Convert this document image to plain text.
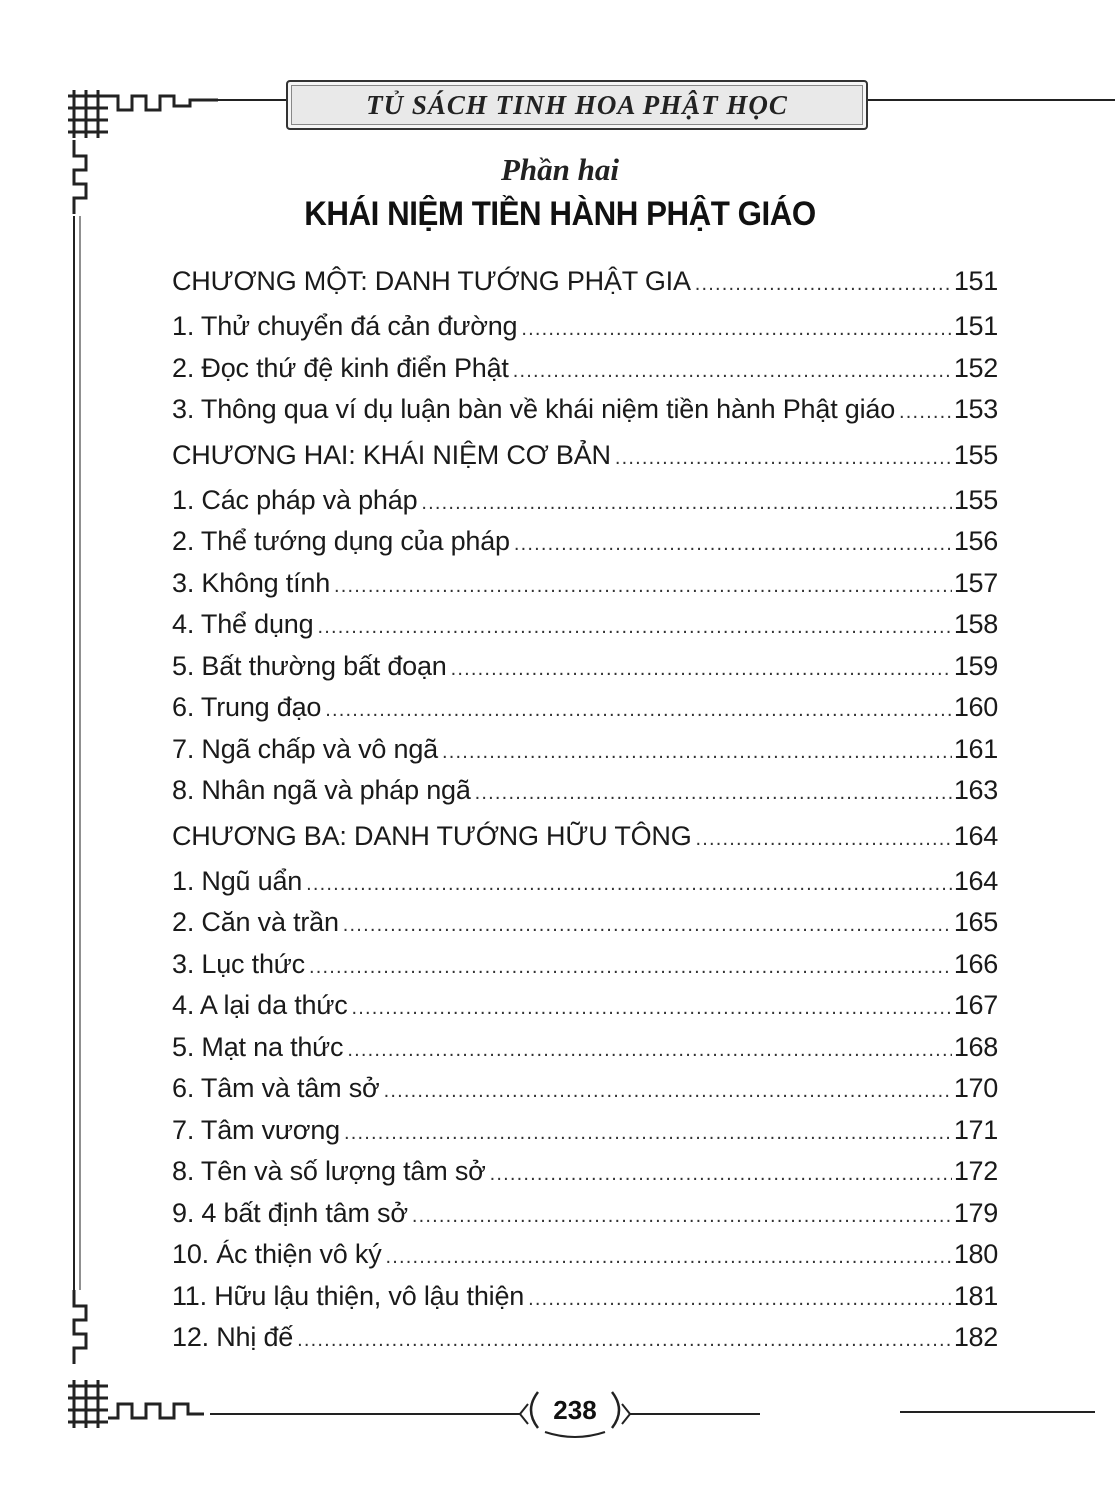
TỦ SÁCH TINH HOA PHẬT HỌC
Phần hai
KHÁI NIỆM TIỀN HÀNH PHẬT GIÁO
CHƯƠNG MỘT: DANH TƯỚNG PHẬT GIA .....	151
1. Thử chuyển đá cản đường .....	151
2. Đọc thứ đệ kinh điển Phật .....	152
3. Thông qua ví dụ luận bàn về khái niệm tiền hành Phật giáo ..... 153
CHƯƠNG HAI: KHÁI NIỆM CƠ BẢN .....	155
1. Các pháp và pháp .....	155
2. Thể tướng dụng của pháp .....	156
3. Không tính .....	157
4. Thể dụng .....	158
5. Bất thường bất đoạn .....	159
6. Trung đạo .....	160
7. Ngã chấp và vô ngã .....	161
8. Nhân ngã và pháp ngã .....	163
CHƯƠNG BA: DANH TƯỚNG HỮU TÔNG .....	164
1. Ngũ uẩn .....	164
2. Căn và trần .....	165
3. Lục thức .....	166
4. A lại da thức .....	167
5. Mạt na thức .....	168
6. Tâm và tâm sở .....	170
7. Tâm vương .....	171
8. Tên và số lượng tâm sở .....	172
9. 4 bất định tâm sở .....	179
10. Ác thiện vô ký .....	180
11. Hữu lậu thiện, vô lậu thiện .....	181
12. Nhị đế .....	182
238
